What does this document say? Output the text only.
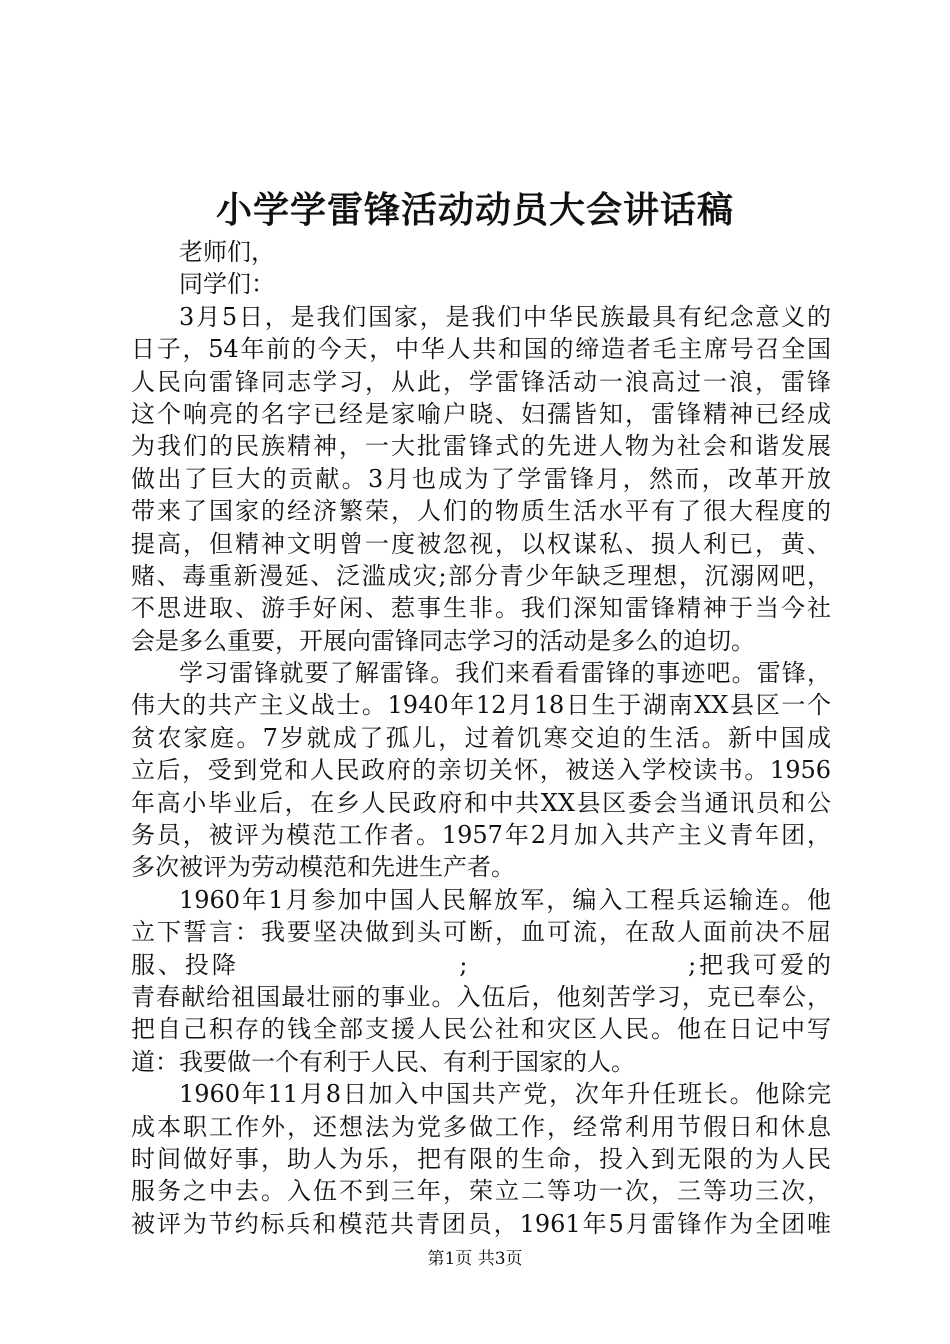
小学学雷锋活动动员大会讲话稿
老师们，
同学们：
3月5日，是我们国家，是我们中华民族最具有纪念意义的
日子，54年前的今天，中华人共和国的缔造者毛主席号召全国
人民向雷锋同志学习，从此，学雷锋活动一浪高过一浪，雷锋
这个响亮的名字已经是家喻户晓、妇孺皆知，雷锋精神已经成
为我们的民族精神，一大批雷锋式的先进人物为社会和谐发展
做出了巨大的贡献。3月也成为了学雷锋月，然而，改革开放
带来了国家的经济繁荣，人们的物质生活水平有了很大程度的
提高，但精神文明曾一度被忽视，以权谋私、损人利已，黄、
赌、毒重新漫延、泛滥成灾;部分青少年缺乏理想，沉溺网吧，
不思进取、游手好闲、惹事生非。我们深知雷锋精神于当今社
会是多么重要，开展向雷锋同志学习的活动是多么的迫切。
学习雷锋就要了解雷锋。我们来看看雷锋的事迹吧。雷锋，
伟大的共产主义战士。1940年12月18日生于湖南XX县区一个
贫农家庭。7岁就成了孤儿，过着饥寒交迫的生活。新中国成
立后，受到党和人民政府的亲切关怀，被送入学校读书。1956
年高小毕业后，在乡人民政府和中共XX县区委会当通讯员和公
务员，被评为模范工作者。1957年2月加入共产主义青年团，
多次被评为劳动模范和先进生产者。
1960年1月参加中国人民解放军，编入工程兵运输连。他
立下誓言：我要坚决做到头可断，血可流，在敌人面前决不屈
服、投降 ; ;把我可爱的
青春献给祖国最壮丽的事业。入伍后，他刻苦学习，克已奉公，
把自己积存的钱全部支援人民公社和灾区人民。他在日记中写
道：我要做一个有利于人民、有利于国家的人。
1960年11月8日加入中国共产党，次年升任班长。他除完
成本职工作外，还想法为党多做工作，经常利用节假日和休息
时间做好事，助人为乐，把有限的生命，投入到无限的为人民
服务之中去。入伍不到三年，荣立二等功一次，三等功三次，
被评为节约标兵和模范共青团员，1961年5月雷锋作为全团唯
第1页 共3页
